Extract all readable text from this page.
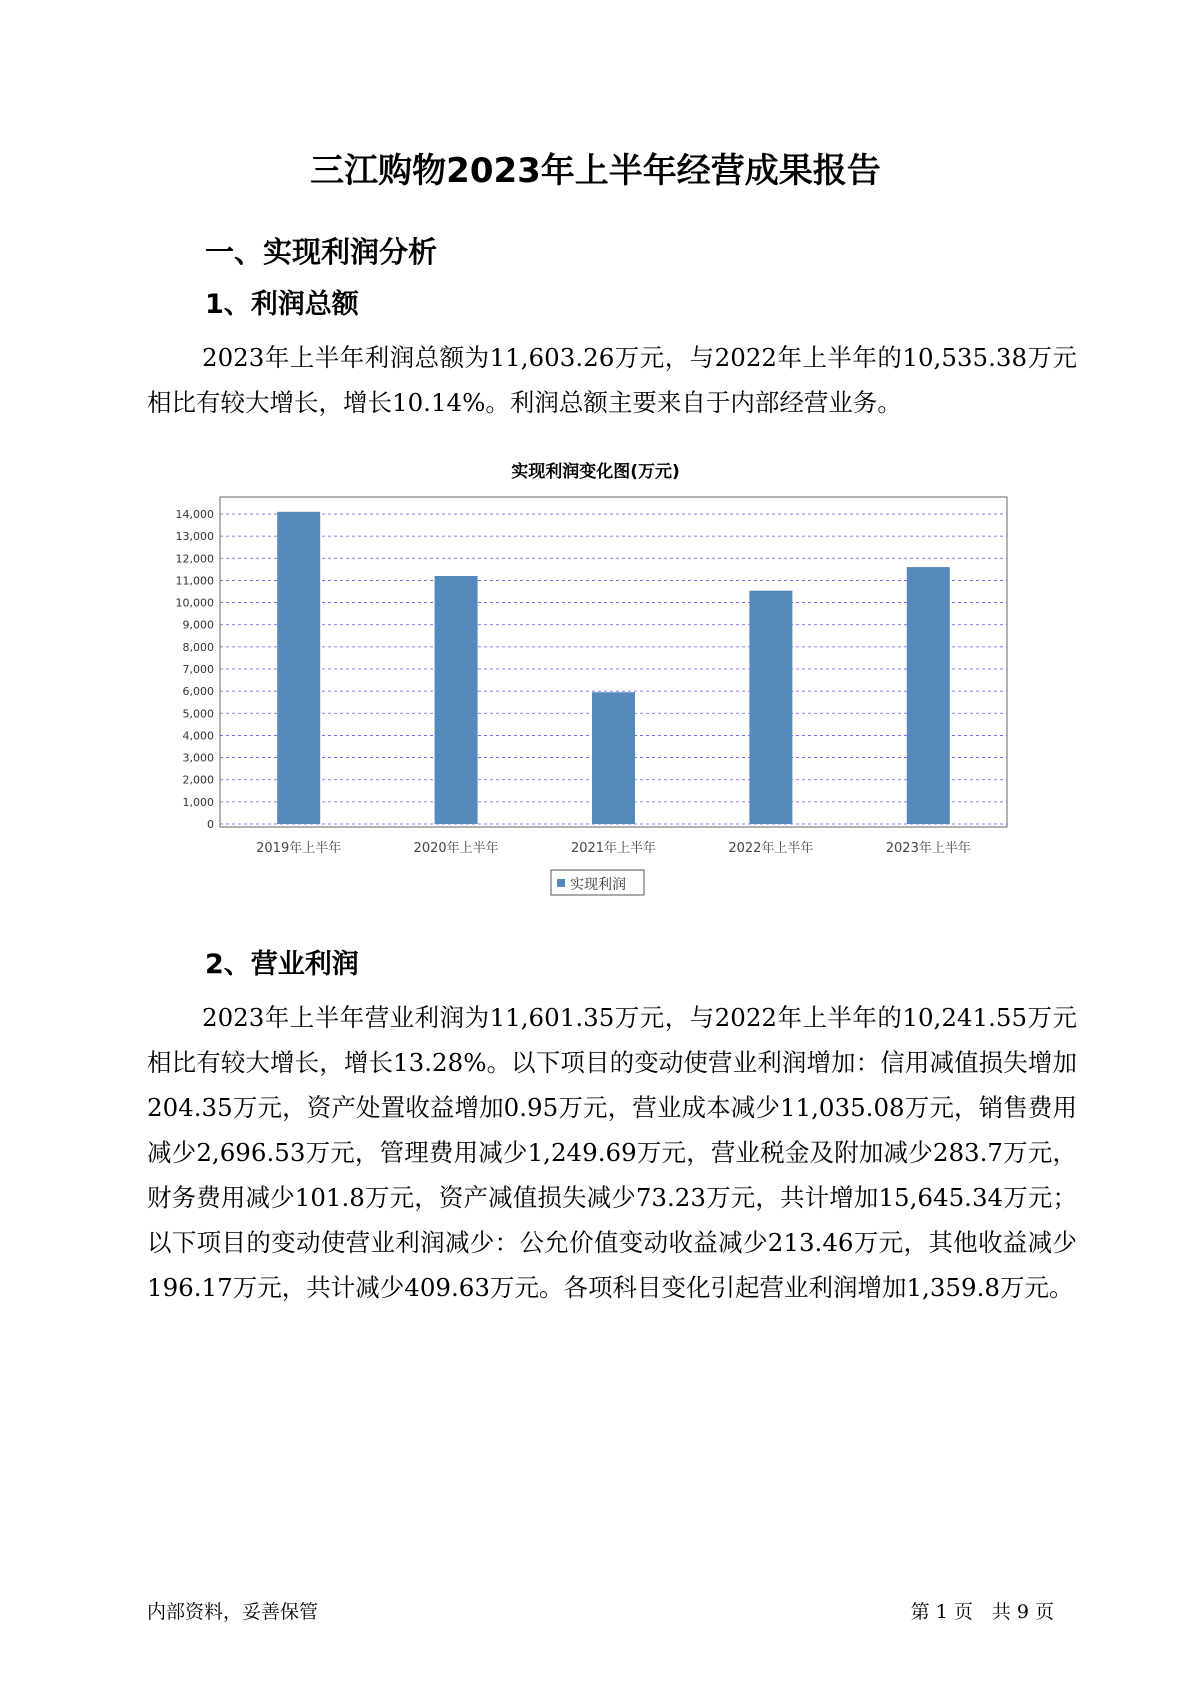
三江购物2023年上半年经营成果报告
一、实现利润分析
1、利润总额
2023年上半年利润总额为11,603.26万元，与2022年上半年的10,535.38万元相比有较大增长，增长10.14%。利润总额主要来自于内部经营业务。
实现利润变化图(万元)
0
1,000
2,000
3,000
4,000
5,000
6,000
7,000
8,000
9,000
10,000
11,000
12,000
13,000
14,000
2019年上半年	2020年上半年	2021年上半年	2022年上半年	2023年上半年
实现利润
2、营业利润
2023年上半年营业利润为11,601.35万元，与2022年上半年的10,241.55万元相比有较大增长，增长13.28%。以下项目的变动使营业利润增加：信用减值损失增加204.35万元，资产处置收益增加0.95万元，营业成本减少11,035.08万元，销售费用减少2,696.53万元，管理费用减少1,249.69万元，营业税金及附加减少283.7万元，财务费用减少101.8万元，资产减值损失减少73.23万元，共计增加15,645.34万元；以下项目的变动使营业利润减少：公允价值变动收益减少213.46万元，其他收益减少196.17万元，共计减少409.63万元。各项科目变化引起营业利润增加1,359.8万元。
内部资料，妥善保管	第 1 页　共 9 页
